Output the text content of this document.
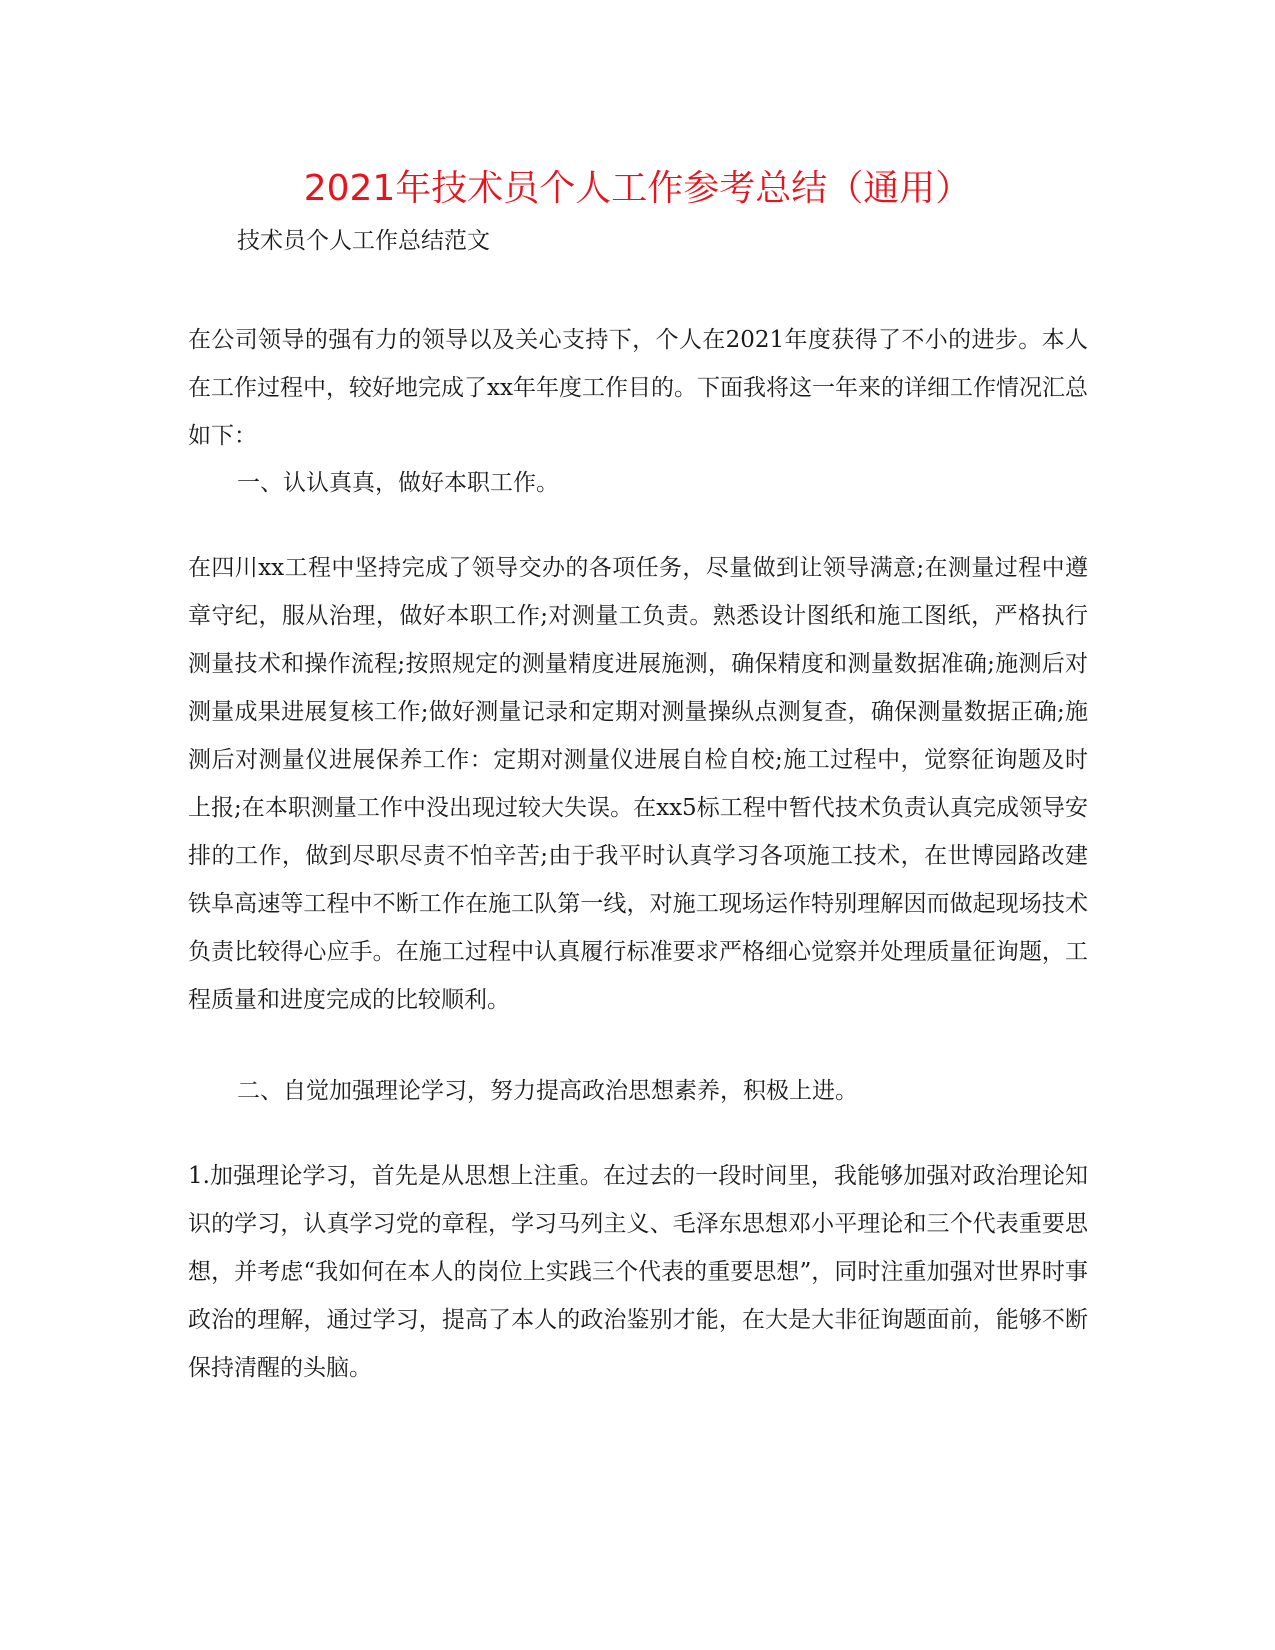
2021年技术员个人工作参考总结（通用）

技术员个人工作总结范文

在公司领导的强有力的领导以及关心支持下，个人在2021年度获得了不小的进步。本人在工作过程中，较好地完成了xx年年度工作目的。下面我将这一年来的详细工作情况汇总如下：

一、认认真真，做好本职工作。

在四川xx工程中坚持完成了领导交办的各项任务，尽量做到让领导满意;在测量过程中遵章守纪，服从治理，做好本职工作;对测量工负责。熟悉设计图纸和施工图纸，严格执行测量技术和操作流程;按照规定的测量精度进展施测，确保精度和测量数据准确;施测后对测量成果进展复核工作;做好测量记录和定期对测量操纵点测复查，确保测量数据正确;施测后对测量仪进展保养工作：定期对测量仪进展自检自校;施工过程中，觉察征询题及时上报;在本职测量工作中没出现过较大失误。在xx5标工程中暂代技术负责认真完成领导安排的工作，做到尽职尽责不怕辛苦;由于我平时认真学习各项施工技术，在世博园路改建铁阜高速等工程中不断工作在施工队第一线，对施工现场运作特别理解因而做起现场技术负责比较得心应手。在施工过程中认真履行标准要求严格细心觉察并处理质量征询题，工程质量和进度完成的比较顺利。

二、自觉加强理论学习，努力提高政治思想素养，积极上进。

1.加强理论学习，首先是从思想上注重。在过去的一段时间里，我能够加强对政治理论知识的学习，认真学习党的章程，学习马列主义、毛泽东思想邓小平理论和三个代表重要思想，并考虑“我如何在本人的岗位上实践三个代表的重要思想”，同时注重加强对世界时事政治的理解，通过学习，提高了本人的政治鉴别才能，在大是大非征询题面前，能够不断保持清醒的头脑。
